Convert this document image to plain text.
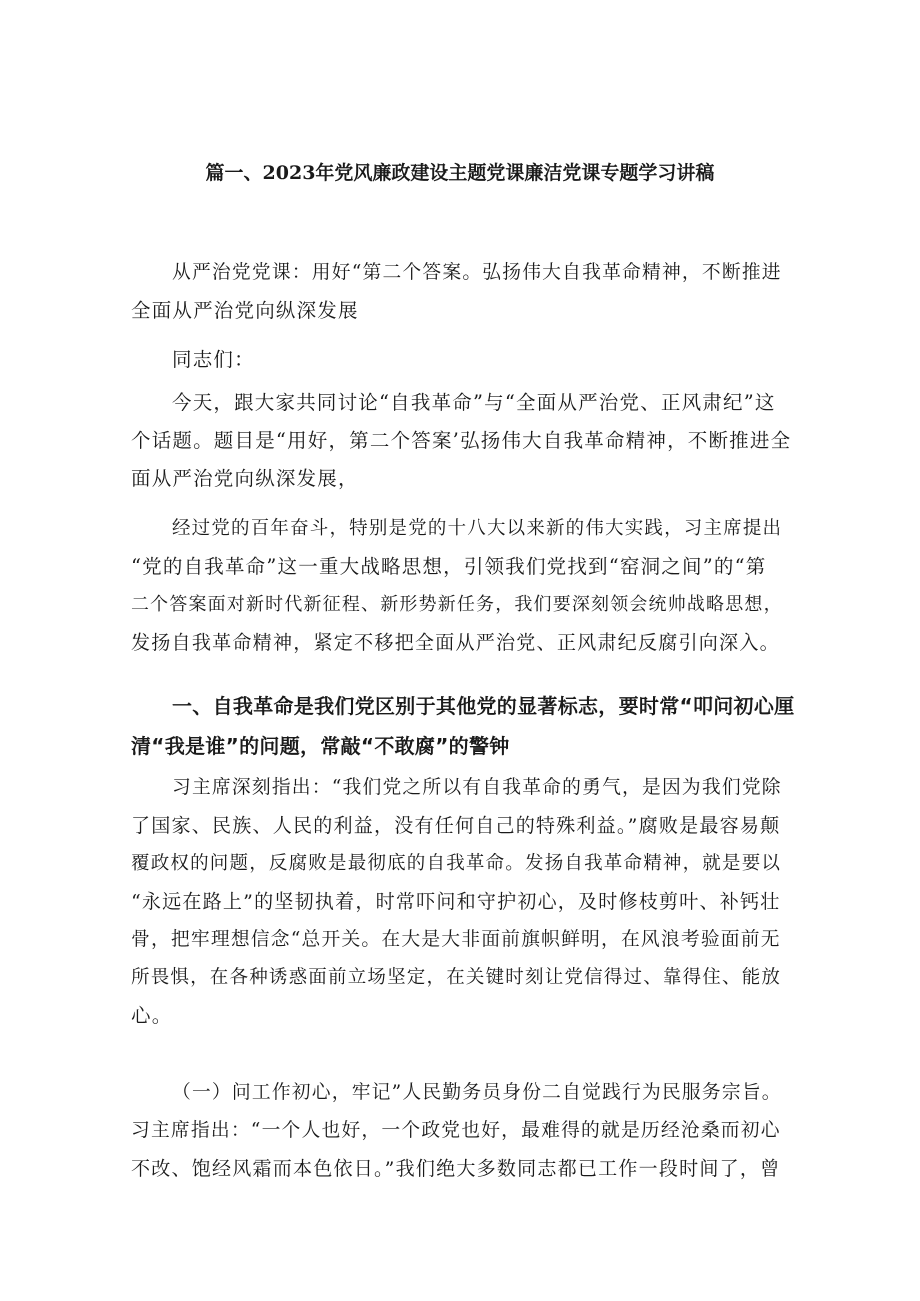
篇一、2023年党风廉政建设主题党课廉洁党课专题学习讲稿
从严治党党课：用好“第二个答案。弘扬伟大自我革命精神，不断推进
全面从严治党向纵深发展
同志们：
今天，跟大家共同讨论“自我革命”与“全面从严治党、正风肃纪”这
个话题。题目是“用好，第二个答案’弘扬伟大自我革命精神，不断推进全
面从严治党向纵深发展，
经过党的百年奋斗，特别是党的十八大以来新的伟大实践，习主席提出
“党的自我革命”这一重大战略思想，引领我们党找到“窑洞之间”的“第
二个答案面对新时代新征程、新形势新任务，我们要深刻领会统帅战略思想，
发扬自我革命精神，紧定不移把全面从严治党、正风肃纪反腐引向深入。
一、自我革命是我们党区别于其他党的显著标志，要时常“叩问初心厘
清“我是谁”的问题，常敲“不敢腐”的警钟
习主席深刻指出：“我们党之所以有自我革命的勇气，是因为我们党除
了国家、民族、人民的利益，没有任何自己的特殊利益。”腐败是最容易颠
覆政权的问题，反腐败是最彻底的自我革命。发扬自我革命精神，就是要以
“永远在路上”的坚韧执着，时常吓问和守护初心，及时修枝剪叶、补钙壮
骨，把牢理想信念“总开关。在大是大非面前旗帜鲜明，在风浪考验面前无
所畏惧，在各种诱惑面前立场坚定，在关键时刻让党信得过、靠得住、能放
心。
（一）问工作初心，牢记”人民勤务员身份二自觉践行为民服务宗旨。
习主席指出：“一个人也好，一个政党也好，最难得的就是历经沧桑而初心
不改、饱经风霜而本色依日。”我们绝大多数同志都已工作一段时间了，曾
